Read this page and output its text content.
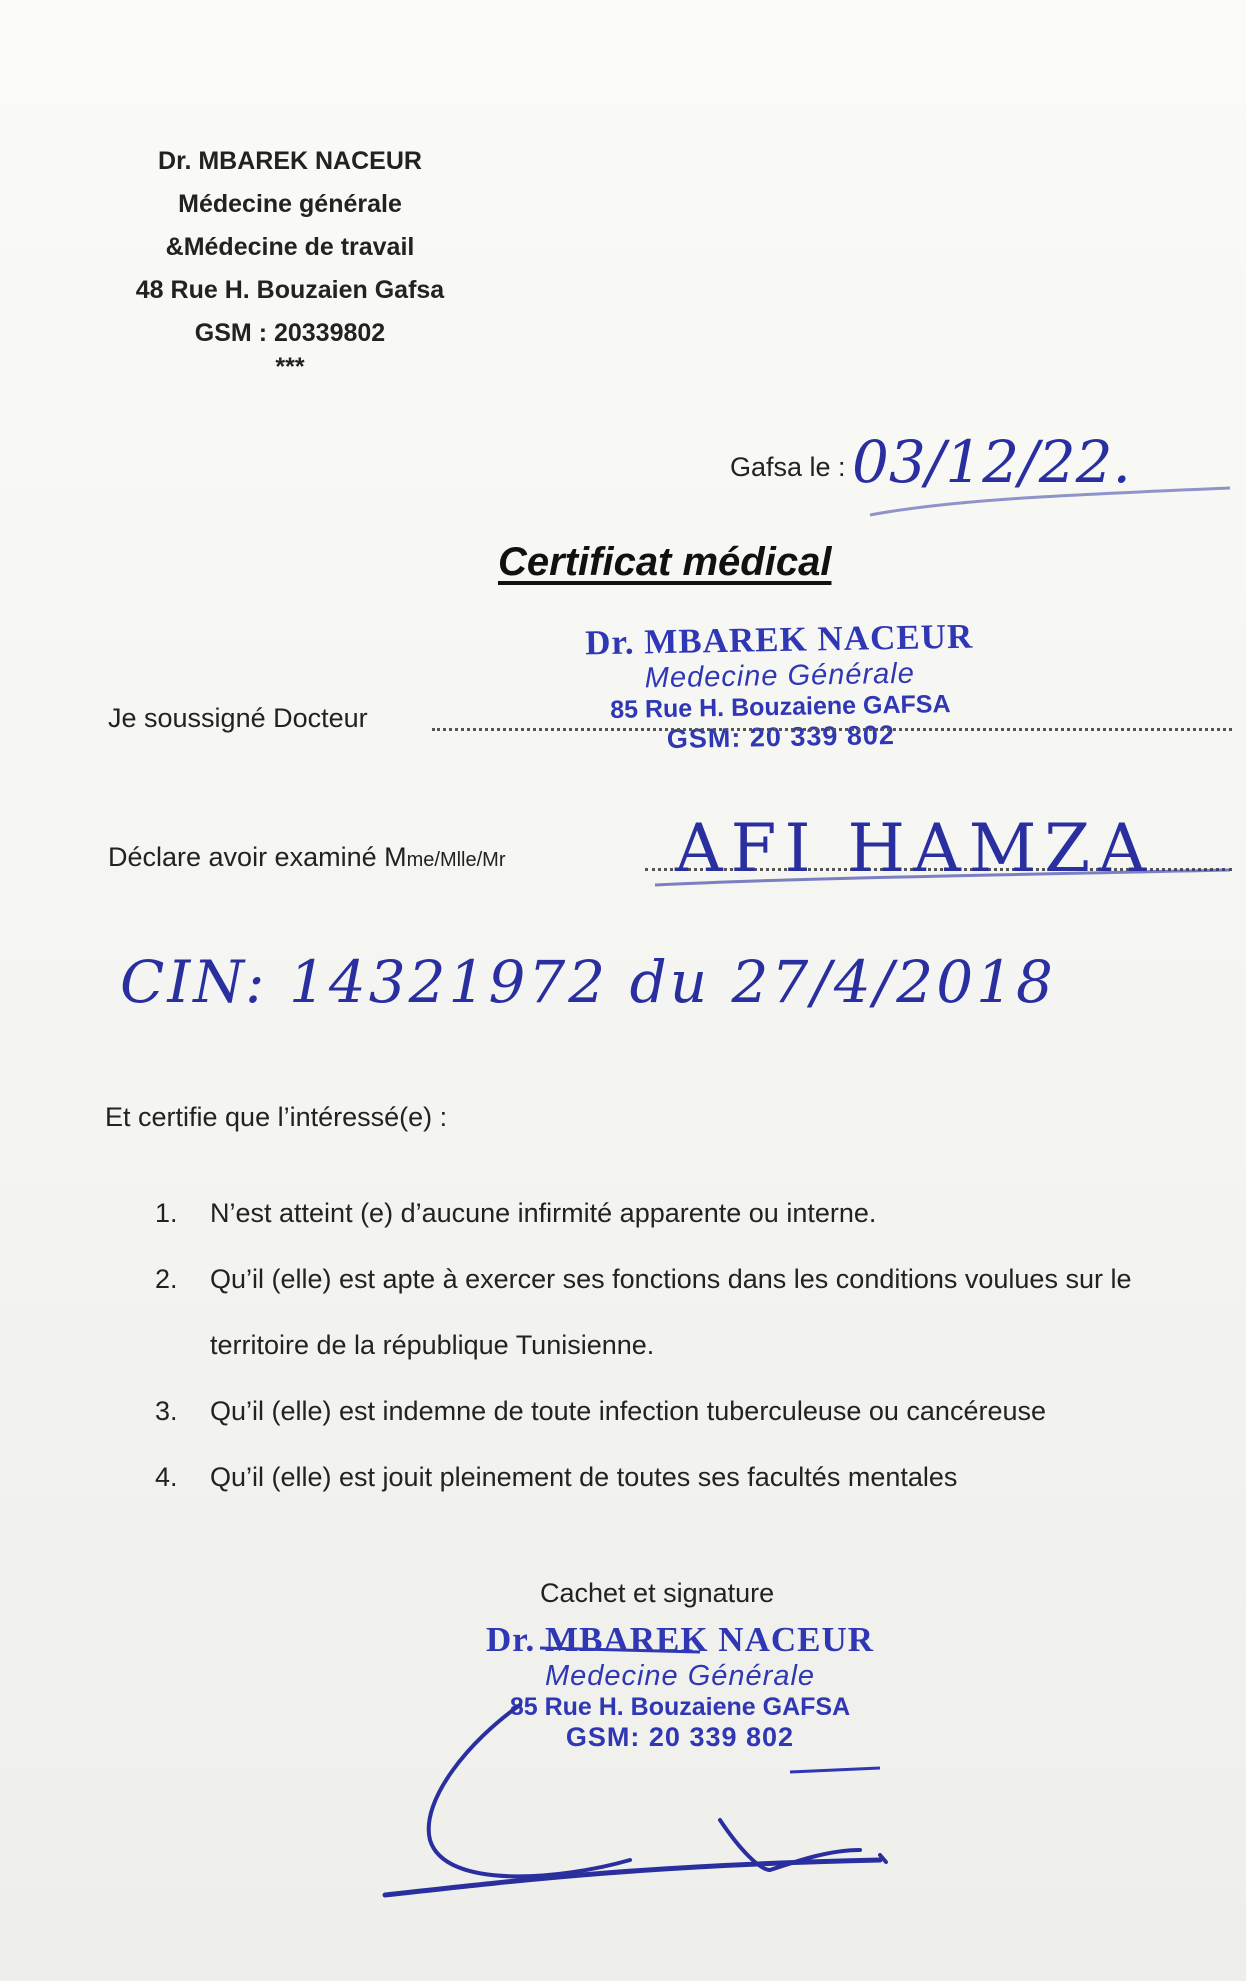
Dr. MBAREK NACEUR
Médecine générale
&Médecine de travail
48 Rue H. Bouzaien Gafsa
GSM : 20339802
***
Gafsa le : 03/12/22.
Certificat médical
Dr. MBAREK NACEUR
Medecine Générale
85 Rue H. Bouzaiene GAFSA
GSM: 20 339 802
Je soussigné Docteur
Déclare avoir examiné Mme/Mlle/Mr	AFI HAMZA
CIN: 14321972 du 27/4/2018
Et certifie que l’intéressé(e) :
1. N’est atteint (e) d’aucune infirmité apparente ou interne.
2. Qu’il (elle) est apte à exercer ses fonctions dans les conditions voulues sur le territoire de la république Tunisienne.
3. Qu’il (elle) est indemne de toute infection tuberculeuse ou cancéreuse
4. Qu’il (elle) est jouit pleinement de toutes ses facultés mentales
Cachet et signature
Dr. MBAREK NACEUR
Medecine Générale
85 Rue H. Bouzaiene GAFSA
GSM: 20 339 802
